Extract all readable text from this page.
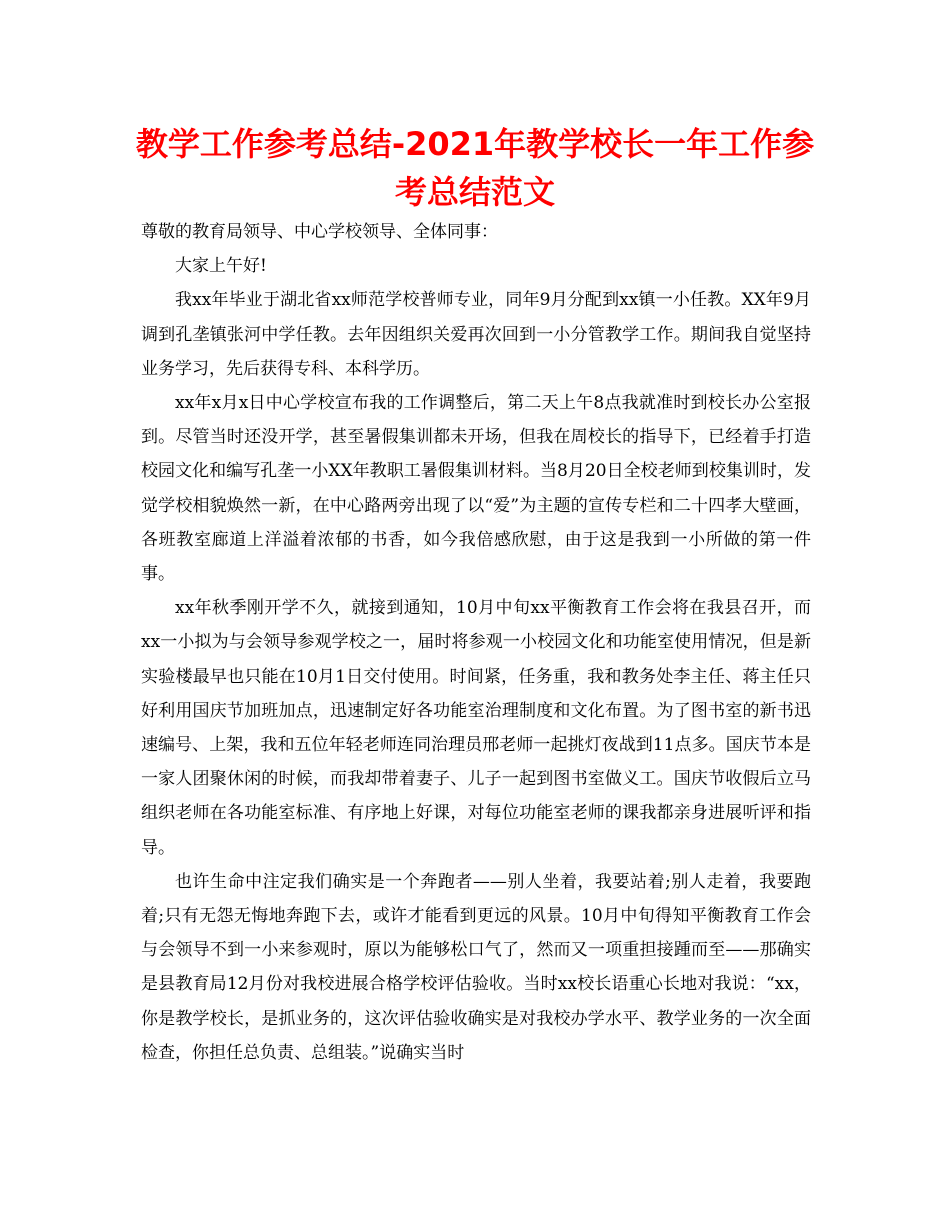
教学工作参考总结-2021年教学校长一年工作参考总结范文

尊敬的教育局领导、中心学校领导、全体同事：

大家上午好!

我xx年毕业于湖北省xx师范学校普师专业，同年9月分配到xx镇一小任教。XX年9月调到孔垄镇张河中学任教。去年因组织关爱再次回到一小分管教学工作。期间我自觉坚持业务学习，先后获得专科、本科学历。

xx年x月x日中心学校宣布我的工作调整后，第二天上午8点我就准时到校长办公室报到。尽管当时还没开学，甚至暑假集训都未开场，但我在周校长的指导下，已经着手打造校园文化和编写孔垄一小XX年教职工暑假集训材料。当8月20日全校老师到校集训时，发觉学校相貌焕然一新，在中心路两旁出现了以“爱”为主题的宣传专栏和二十四孝大壁画，各班教室廊道上洋溢着浓郁的书香，如今我倍感欣慰，由于这是我到一小所做的第一件事。

xx年秋季刚开学不久，就接到通知，10月中旬xx平衡教育工作会将在我县召开，而xx一小拟为与会领导参观学校之一，届时将参观一小校园文化和功能室使用情况，但是新实验楼最早也只能在10月1日交付使用。时间紧，任务重，我和教务处李主任、蒋主任只好利用国庆节加班加点，迅速制定好各功能室治理制度和文化布置。为了图书室的新书迅速编号、上架，我和五位年轻老师连同治理员邢老师一起挑灯夜战到11点多。国庆节本是一家人团聚休闲的时候，而我却带着妻子、儿子一起到图书室做义工。国庆节收假后立马组织老师在各功能室标准、有序地上好课，对每位功能室老师的课我都亲身进展听评和指导。

也许生命中注定我们确实是一个奔跑者——别人坐着，我要站着;别人走着，我要跑着;只有无怨无悔地奔跑下去，或许才能看到更远的风景。10月中旬得知平衡教育工作会与会领导不到一小来参观时，原以为能够松口气了，然而又一项重担接踵而至——那确实是县教育局12月份对我校进展合格学校评估验收。当时xx校长语重心长地对我说：“xx，你是教学校长，是抓业务的，这次评估验收确实是对我校办学水平、教学业务的一次全面检查，你担任总负责、总组装。”说确实当时
